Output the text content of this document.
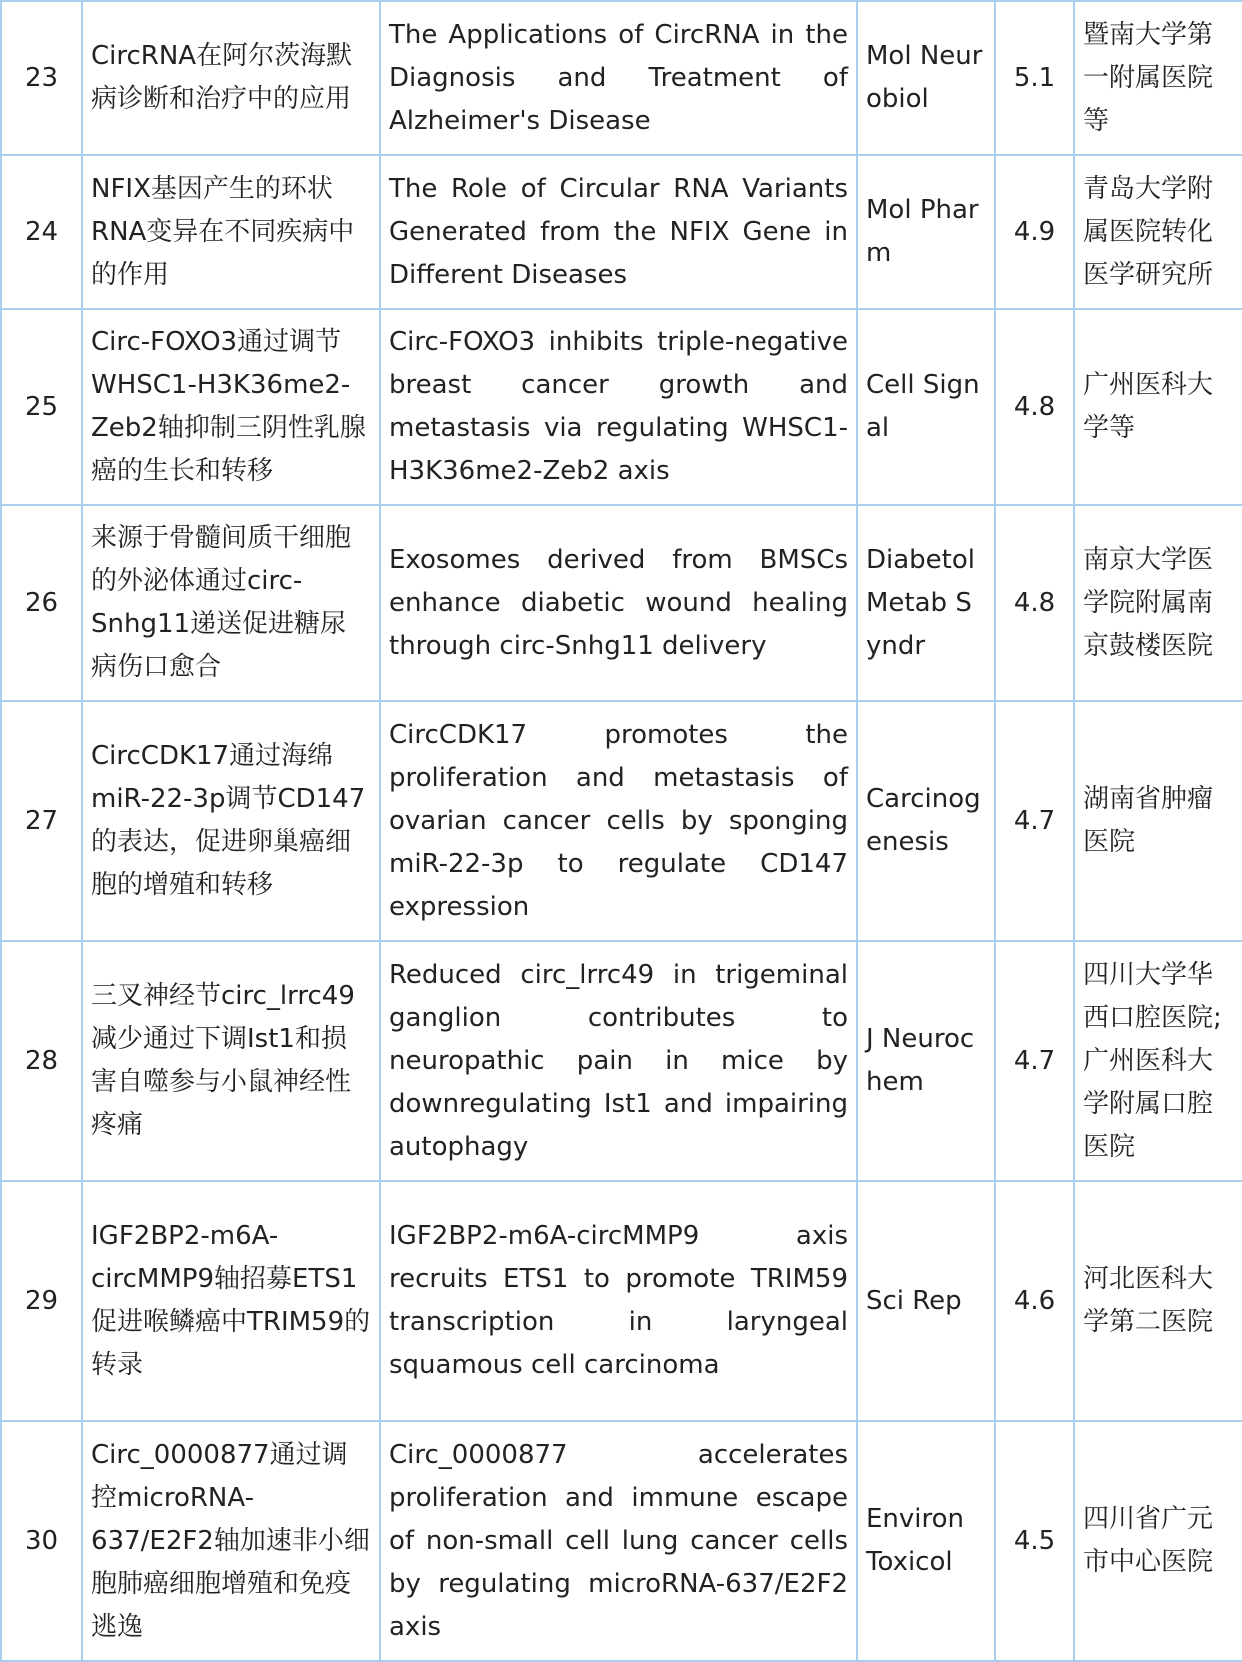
23	CircRNA在阿尔茨海默病诊断和治疗中的应用	The Applications of CircRNA in the Diagnosis and Treatment of Alzheimer's Disease	Mol Neurobiol	5.1	暨南大学第一附属医院等
24	NFIX基因产生的环状RNA变异在不同疾病中的作用	The Role of Circular RNA Variants Generated from the NFIX Gene in Different Diseases	Mol Pharm	4.9	青岛大学附属医院转化医学研究所
25	Circ-FOXO3通过调节WHSC1-H3K36me2-Zeb2轴抑制三阴性乳腺癌的生长和转移	Circ-FOXO3 inhibits triple-negative breast cancer growth and metastasis via regulating WHSC1-H3K36me2-Zeb2 axis	Cell Signal	4.8	广州医科大学等
26	来源于骨髓间质干细胞的外泌体通过circ-Snhg11递送促进糖尿病伤口愈合	Exosomes derived from BMSCs enhance diabetic wound healing through circ-Snhg11 delivery	Diabetol Metab Syndr	4.8	南京大学医学院附属南京鼓楼医院
27	CircCDK17通过海绵miR-22-3p调节CD147的表达，促进卵巢癌细胞的增殖和转移	CircCDK17 promotes the proliferation and metastasis of ovarian cancer cells by sponging miR-22-3p to regulate CD147 expression	Carcinogenesis	4.7	湖南省肿瘤医院
28	三叉神经节circ_lrrc49减少通过下调Ist1和损害自噬参与小鼠神经性疼痛	Reduced circ_lrrc49 in trigeminal ganglion contributes to neuropathic pain in mice by downregulating Ist1 and impairing autophagy	J Neurochem	4.7	四川大学华西口腔医院;广州医科大学附属口腔医院
29	IGF2BP2-m6A-circMMP9轴招募ETS1促进喉鳞癌中TRIM59的转录	IGF2BP2-m6A-circMMP9 axis recruits ETS1 to promote TRIM59 transcription in laryngeal squamous cell carcinoma	Sci Rep	4.6	河北医科大学第二医院
30	Circ_0000877通过调控microRNA-637/E2F2轴加速非小细胞肺癌细胞增殖和免疫逃逸	Circ_0000877 accelerates proliferation and immune escape of non-small cell lung cancer cells by regulating microRNA-637/E2F2 axis	Environ Toxicol	4.5	四川省广元市中心医院
